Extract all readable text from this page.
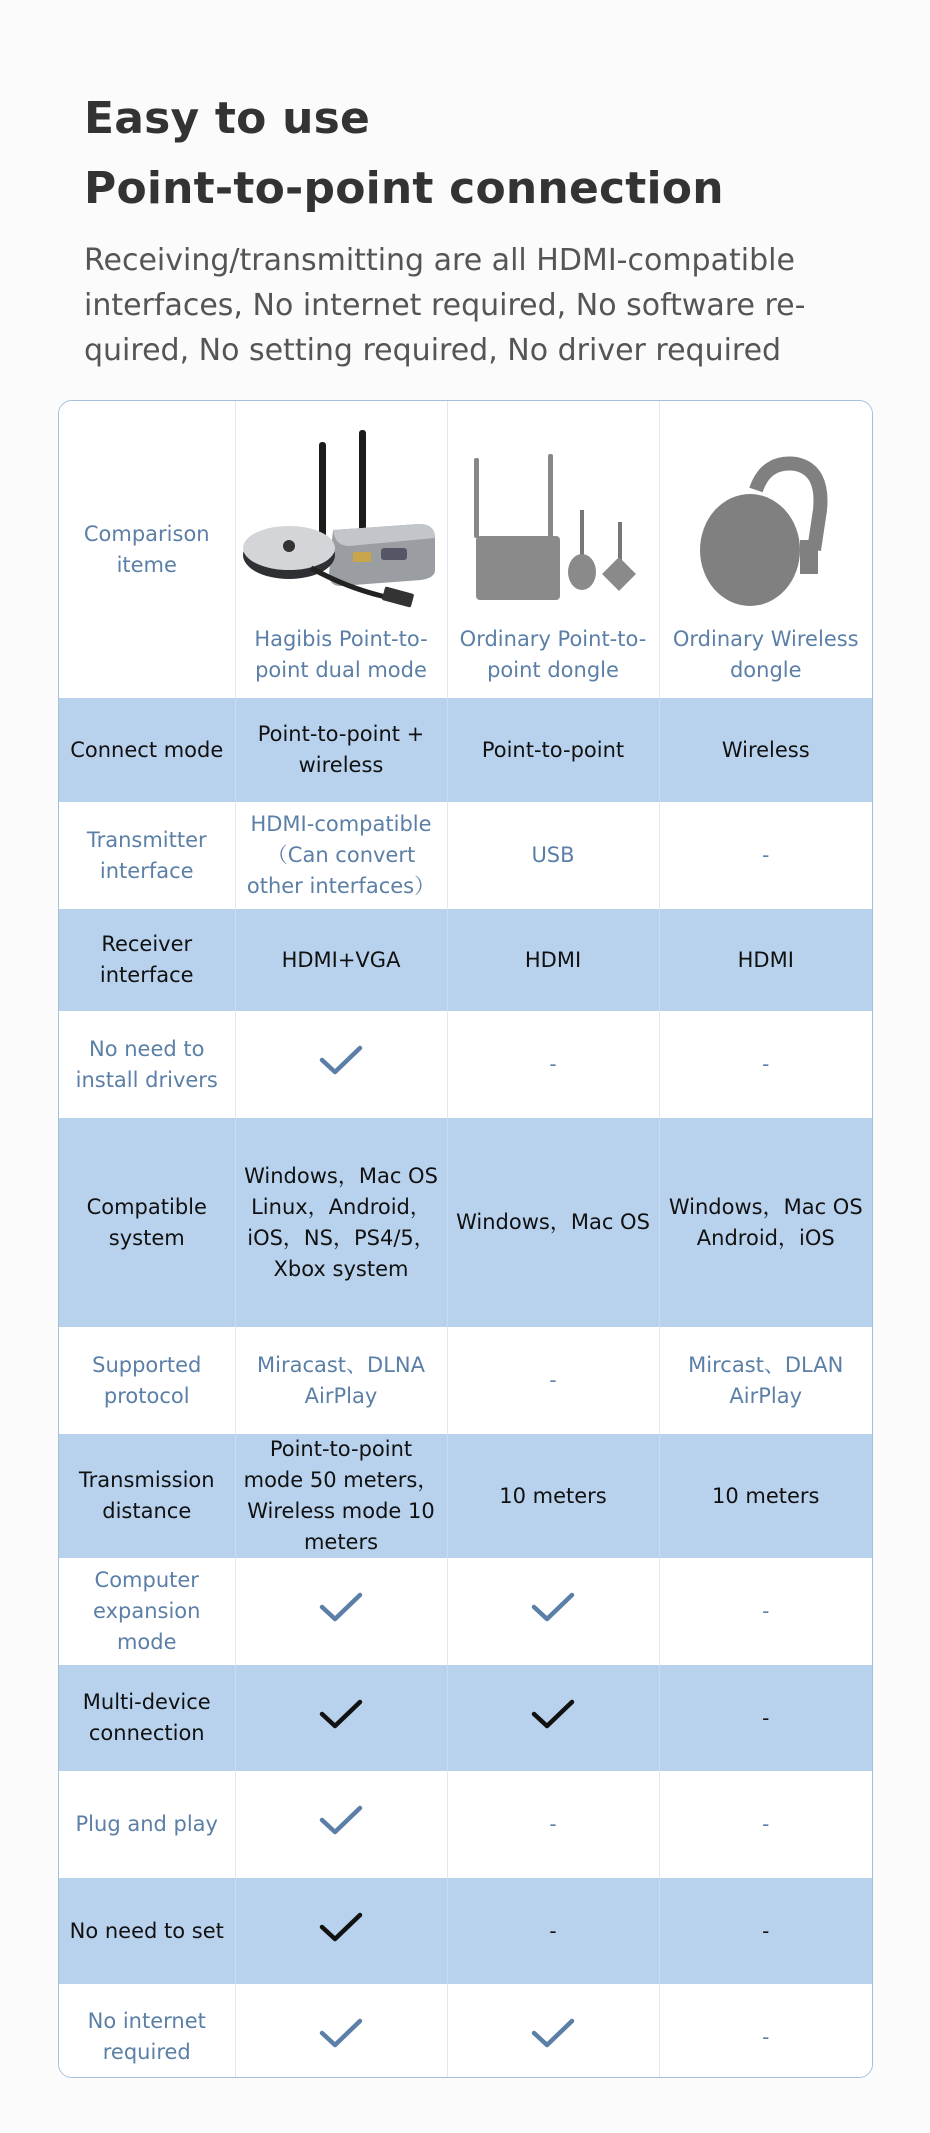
Easy to use
Point-to-point connection
Receiving/transmitting are all HDMI-compatible interfaces, No internet required, No software re-quired, No setting required, No driver required
Comparison iteme	Hagibis Point-to-point dual mode	Ordinary Point-to-point dongle	Ordinary Wireless dongle

Connect mode	Point-to-point + wireless	Point-to-point	Wireless
Transmitter interface	HDMI-compatible（Can convert other interfaces）	USB	-
Receiver interface	HDMI+VGA	HDMI	HDMI
No need to install drivers		-	-
Compatible system	Windows，Mac OS Linux，Android，iOS，NS，PS4/5，Xbox system	Windows，Mac OS	Windows，Mac OS Android，iOS
Supported protocol	Miracast、DLNA AirPlay	-	Mircast、DLAN AirPlay
Transmission distance	Point-to-point mode 50 meters，Wireless mode 10 meters	10 meters	10 meters
Computer expansion mode			-
Multi-device connection			-
Plug and play		-	-
No need to set		-	-
No internet required			-
